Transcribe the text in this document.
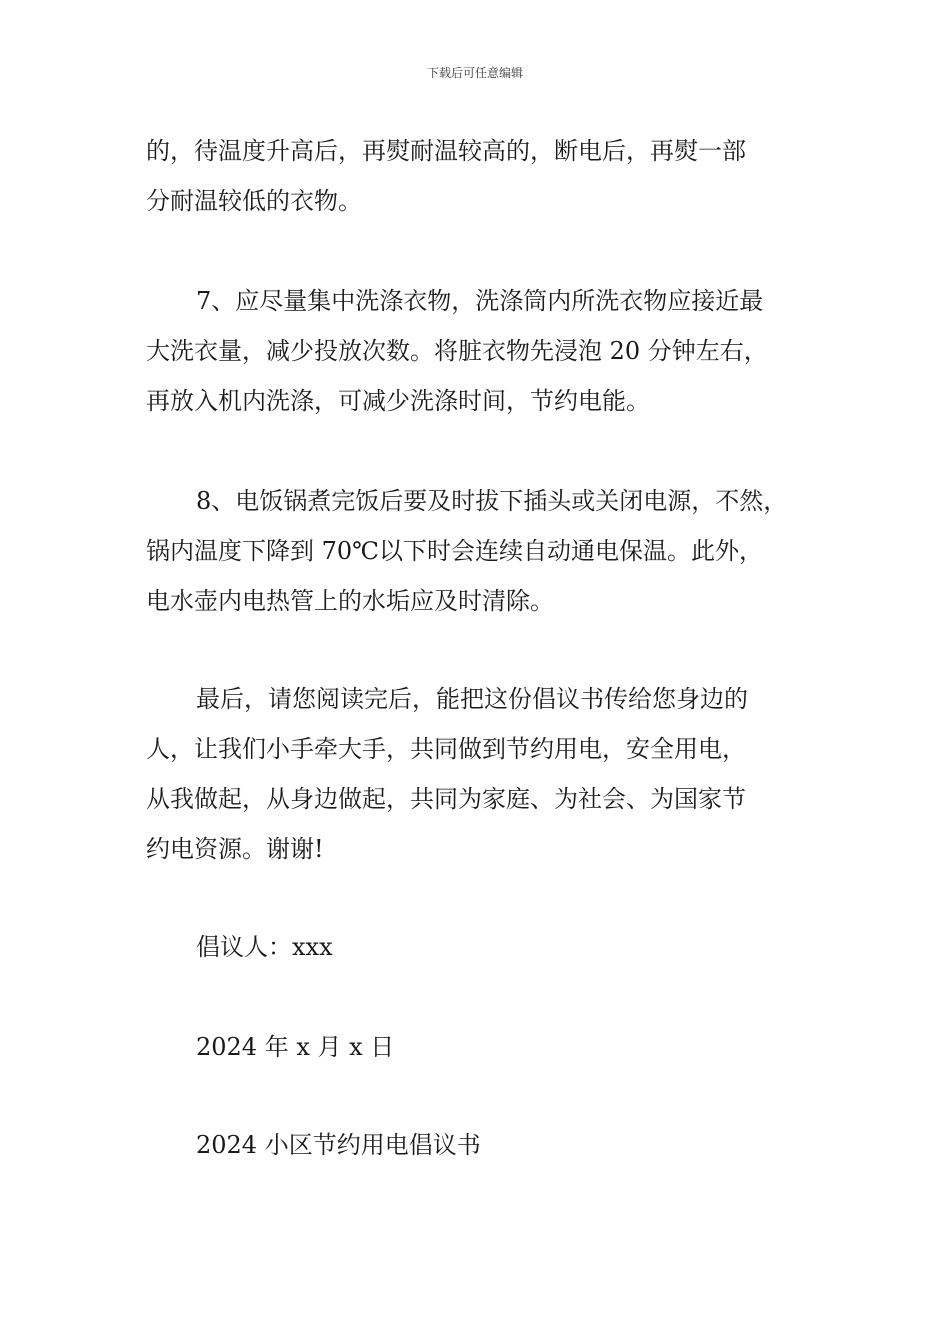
下载后可任意编辑
的，待温度升高后，再熨耐温较高的，断电后，再熨一部
分耐温较低的衣物。
7、应尽量集中洗涤衣物，洗涤筒内所洗衣物应接近最
大洗衣量，减少投放次数。将脏衣物先浸泡 20 分钟左右，
再放入机内洗涤，可减少洗涤时间，节约电能。
8、电饭锅煮完饭后要及时拔下插头或关闭电源，不然，
锅内温度下降到 70℃以下时会连续自动通电保温。此外，
电水壶内电热管上的水垢应及时清除。
最后，请您阅读完后，能把这份倡议书传给您身边的
人，让我们小手牵大手，共同做到节约用电，安全用电，
从我做起，从身边做起，共同为家庭、为社会、为国家节
约电资源。谢谢!
倡议人：xxx
2024 年 x 月 x 日
2024 小区节约用电倡议书
